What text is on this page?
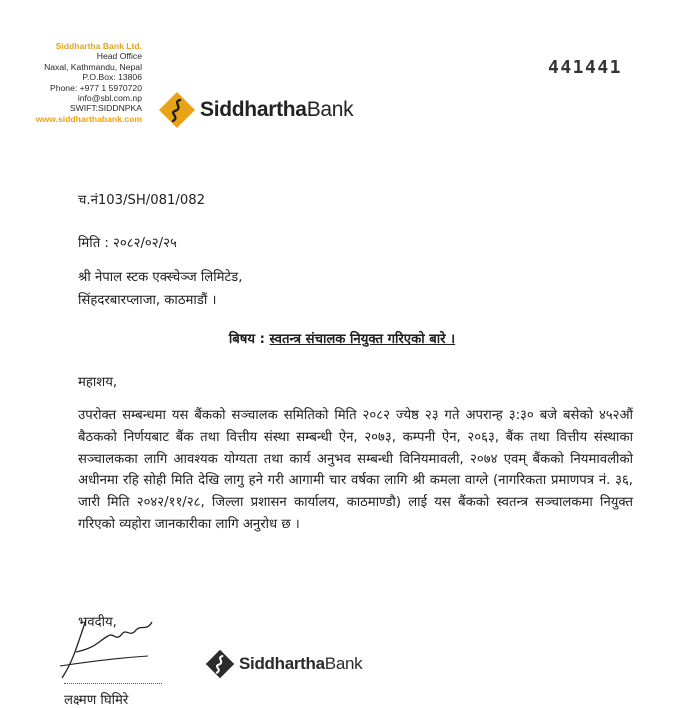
Siddhartha Bank Ltd.
Head Office
Naxal, Kathmandu, Nepal
P.O.Box: 13806
Phone: +977 1 5970720
info@sbl.com.np
SWIFT:SIDDNPKA
www.siddharthabank.com	SiddharthaBank
441441
च.नं103/SH/081/082
मिति : २०८२/०२/२५
श्री नेपाल स्टक एक्स्चेञ्ज लिमिटेड,
सिंहदरबारप्लाजा, काठमाडौं ।
बिषय : स्वतन्त्र संचालक नियुक्त गरिएको बारे ।
महाशय,
उपरोक्त सम्बन्धमा यस बैंकको सञ्चालक समितिको मिति २०८२ ज्येष्ठ २३ गते अपरान्ह ३:३० बजे बसेको ४५२औं बैठकको निर्णयबाट बैंक तथा वित्तीय संस्था सम्बन्धी ऐन, २०७३, कम्पनी ऐन, २०६३, बैंक तथा वित्तीय संस्थाका सञ्चालकका लागि आवश्यक योग्यता तथा कार्य अनुभव सम्बन्धी विनियमावली, २०७४ एवम् बैंकको नियमावलीको अधीनमा रहि सोही मिति देखि लागु हने गरी आगामी चार वर्षका लागि श्री कमला वाग्ले (नागरिकता प्रमाणपत्र नं. ३६, जारी मिति २०४२/११/२८, जिल्ला प्रशासन कार्यालय, काठमाण्डौ) लाई यस बैंकको स्वतन्त्र सञ्चालकमा नियुक्त गरिएको व्यहोरा जानकारीका लागि अनुरोध छ ।
भवदीय,
लक्ष्मण घिमिरे
SiddharthaBank
